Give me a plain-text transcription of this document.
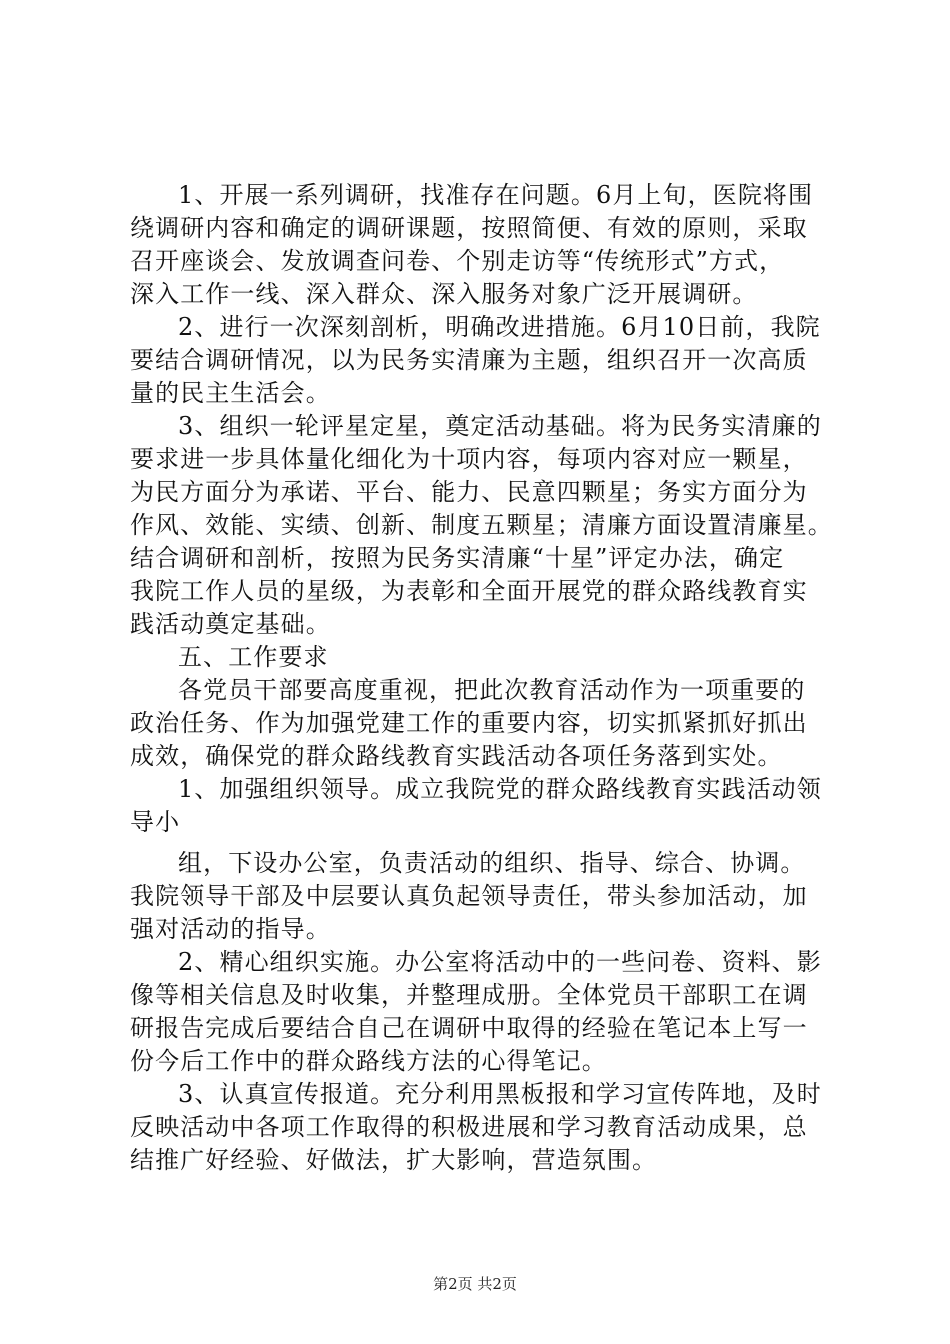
1、开展一系列调研，找准存在问题。6月上旬，医院将围

绕调研内容和确定的调研课题，按照简便、有效的原则，采取

召开座谈会、发放调查问卷、个别走访等“传统形式”方式，

深入工作一线、深入群众、深入服务对象广泛开展调研。

2、进行一次深刻剖析，明确改进措施。6月10日前，我院

要结合调研情况，以为民务实清廉为主题，组织召开一次高质

量的民主生活会。

3、组织一轮评星定星，奠定活动基础。将为民务实清廉的

要求进一步具体量化细化为十项内容，每项内容对应一颗星，

为民方面分为承诺、平台、能力、民意四颗星；务实方面分为

作风、效能、实绩、创新、制度五颗星；清廉方面设置清廉星。

结合调研和剖析，按照为民务实清廉“十星”评定办法，确定

我院工作人员的星级，为表彰和全面开展党的群众路线教育实

践活动奠定基础。

五、工作要求

各党员干部要高度重视，把此次教育活动作为一项重要的

政治任务、作为加强党建工作的重要内容，切实抓紧抓好抓出

成效，确保党的群众路线教育实践活动各项任务落到实处。

1、加强组织领导。成立我院党的群众路线教育实践活动领

导小

组，下设办公室，负责活动的组织、指导、综合、协调。

我院领导干部及中层要认真负起领导责任，带头参加活动，加

强对活动的指导。

2、精心组织实施。办公室将活动中的一些问卷、资料、影

像等相关信息及时收集，并整理成册。全体党员干部职工在调

研报告完成后要结合自己在调研中取得的经验在笔记本上写一

份今后工作中的群众路线方法的心得笔记。

3、认真宣传报道。充分利用黑板报和学习宣传阵地，及时

反映活动中各项工作取得的积极进展和学习教育活动成果，总

结推广好经验、好做法，扩大影响，营造氛围。

第2页 共2页
